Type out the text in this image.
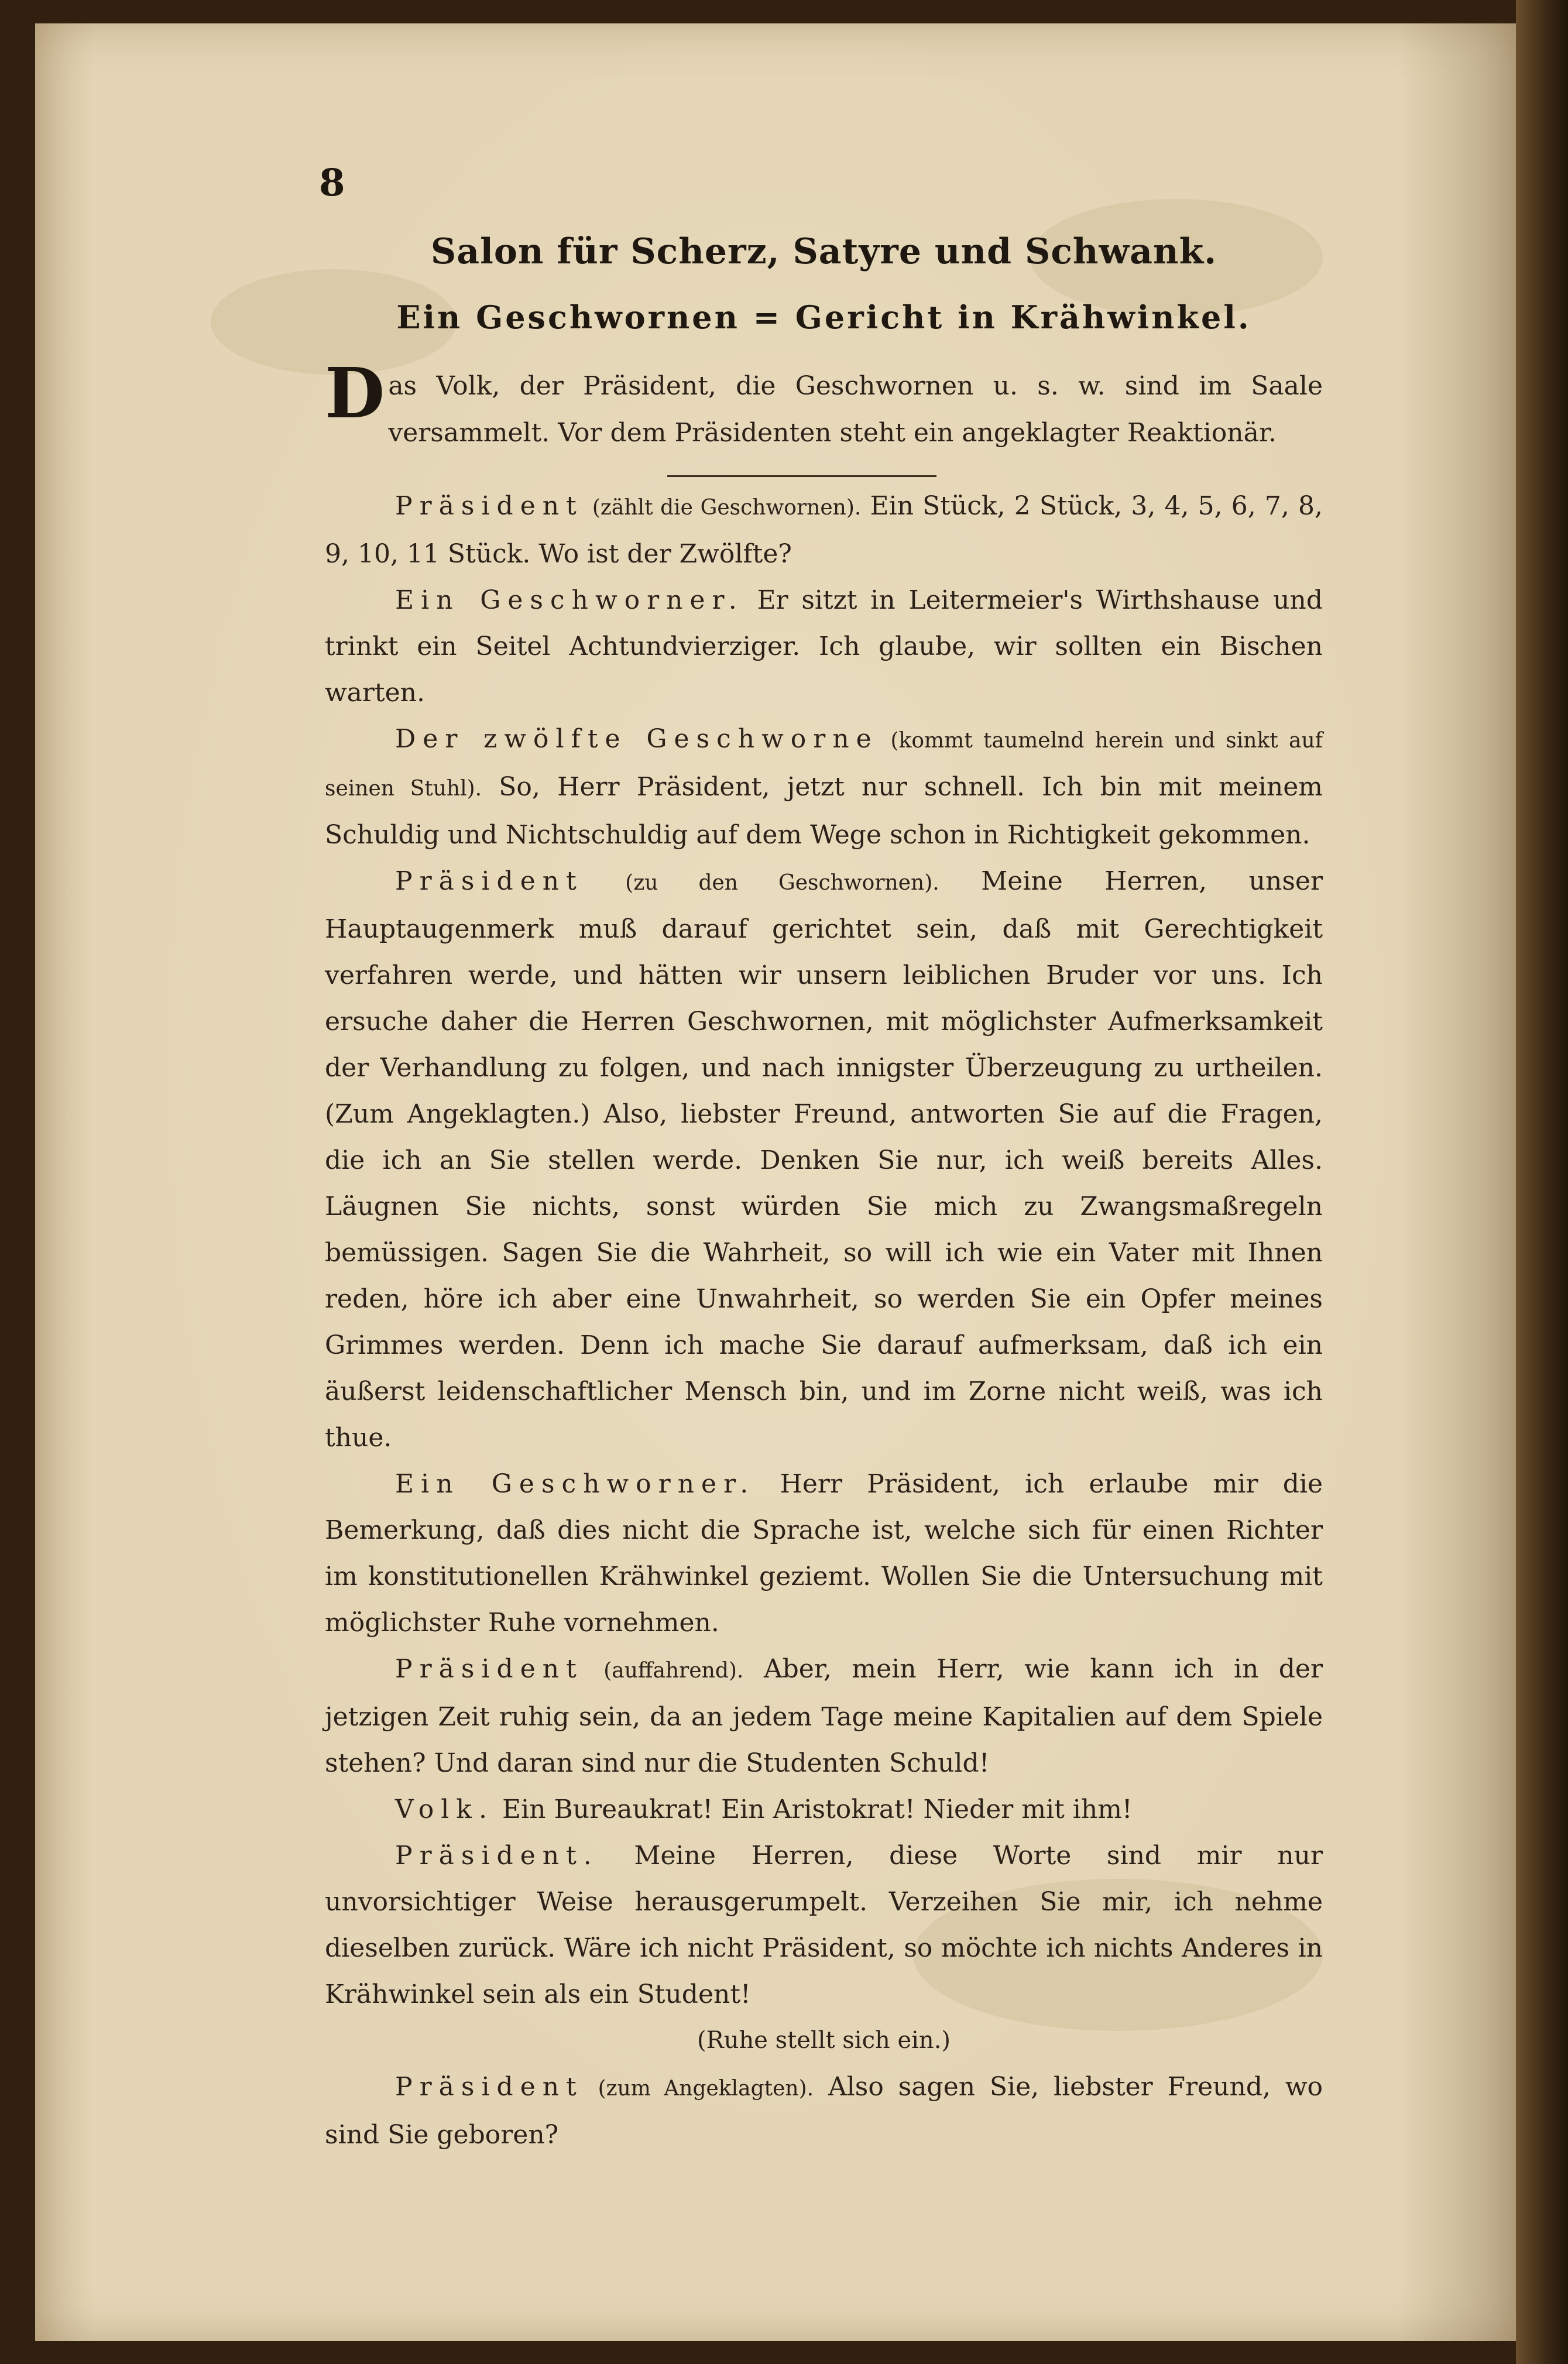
8
Salon für Scherz, Satyre und Schwank.
Ein Geschwornen = Gericht in Krähwinkel.
Das Volk, der Präsident, die Geschwornen u. s. w. sind im Saale versammelt. Vor dem Präsidenten steht ein angeklagter Reaktionär.

Präsident (zählt die Geschwornen). Ein Stück, 2 Stück, 3, 4, 5, 6, 7, 8, 9, 10, 11 Stück. Wo ist der Zwölfte?

Ein Geschworner. Er sitzt in Leitermeier's Wirthshause und trinkt ein Seitel Achtundvierziger. Ich glaube, wir sollten ein Bischen warten.

Der zwölfte Geschworne (kommt taumelnd herein und sinkt auf seinen Stuhl). So, Herr Präsident, jetzt nur schnell. Ich bin mit meinem Schuldig und Nichtschuldig auf dem Wege schon in Richtigkeit gekommen.

Präsident (zu den Geschwornen). Meine Herren, unser Hauptaugenmerk muß darauf gerichtet sein, daß mit Gerechtigkeit verfahren werde, und hätten wir unsern leiblichen Bruder vor uns. Ich ersuche daher die Herren Geschwornen, mit möglichster Aufmerksamkeit der Verhandlung zu folgen, und nach innigster Überzeugung zu urtheilen. (Zum Angeklagten.) Also, liebster Freund, antworten Sie auf die Fragen, die ich an Sie stellen werde. Denken Sie nur, ich weiß bereits Alles. Läugnen Sie nichts, sonst würden Sie mich zu Zwangsmaßregeln bemüssigen. Sagen Sie die Wahrheit, so will ich wie ein Vater mit Ihnen reden, höre ich aber eine Unwahrheit, so werden Sie ein Opfer meines Grimmes werden. Denn ich mache Sie darauf aufmerksam, daß ich ein äußerst leidenschaftlicher Mensch bin, und im Zorne nicht weiß, was ich thue.

Ein Geschworner. Herr Präsident, ich erlaube mir die Bemerkung, daß dies nicht die Sprache ist, welche sich für einen Richter im konstitutionellen Krähwinkel geziemt. Wollen Sie die Untersuchung mit möglichster Ruhe vornehmen.

Präsident (auffahrend). Aber, mein Herr, wie kann ich in der jetzigen Zeit ruhig sein, da an jedem Tage meine Kapitalien auf dem Spiele stehen? Und daran sind nur die Studenten Schuld!

Volk. Ein Bureaukrat! Ein Aristokrat! Nieder mit ihm!

Präsident. Meine Herren, diese Worte sind mir nur unvorsichtiger Weise herausgerumpelt. Verzeihen Sie mir, ich nehme dieselben zurück. Wäre ich nicht Präsident, so möchte ich nichts Anderes in Krähwinkel sein als ein Student!

(Ruhe stellt sich ein.)

Präsident (zum Angeklagten). Also sagen Sie, liebster Freund, wo sind Sie geboren?
